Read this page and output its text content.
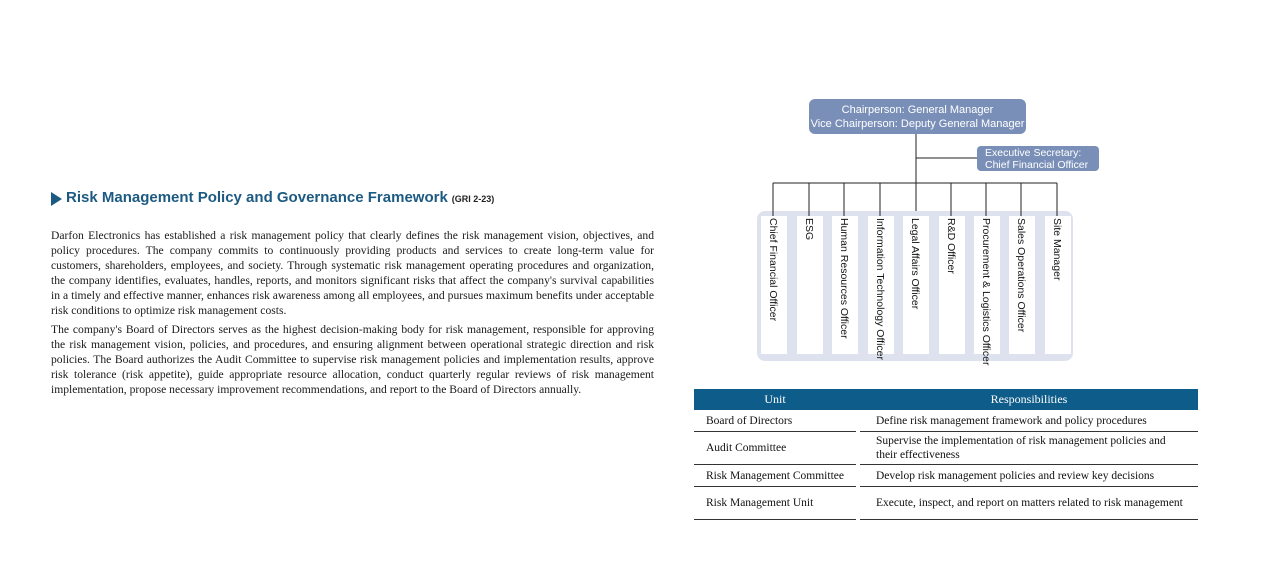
Risk Management Policy and Governance Framework (GRI 2-23)

Darfon Electronics has established a risk management policy that clearly defines the risk management vision, objectives, and policy procedures. The company commits to continuously providing products and services to create long-term value for customers, shareholders, employees, and society. Through systematic risk management operating procedures and organization, the company identifies, evaluates, handles, reports, and monitors significant risks that affect the company's survival capabilities in a timely and effective manner, enhances risk awareness among all employees, and pursues maximum benefits under acceptable risk conditions to optimize risk management costs.

The company's Board of Directors serves as the highest decision-making body for risk management, responsible for approving the risk management vision, policies, and procedures, and ensuring alignment between operational strategic direction and risk policies. The Board authorizes the Audit Committee to supervise risk management policies and implementation results, approve risk tolerance (risk appetite), guide appropriate resource allocation, conduct quarterly regular reviews of risk management implementation, propose necessary improvement recommendations, and report to the Board of Directors annually.

Chairperson: General Manager
Vice Chairperson: Deputy General Manager
Executive Secretary:
Chief Financial Officer
Chief Financial Officer ESG Human Resources Officer Information Technology Officer Legal Affairs Officer R&D Officer Procurement & Logistics Officer Sales Operations Officer Site Manager
Unit		Responsibilities
Board of Directors		Define risk management framework and policy procedures
Audit Committee		Supervise the implementation of risk management policies and their effectiveness
Risk Management Committee		Develop risk management policies and review key decisions
Risk Management Unit		Execute, inspect, and report on matters related to risk management
